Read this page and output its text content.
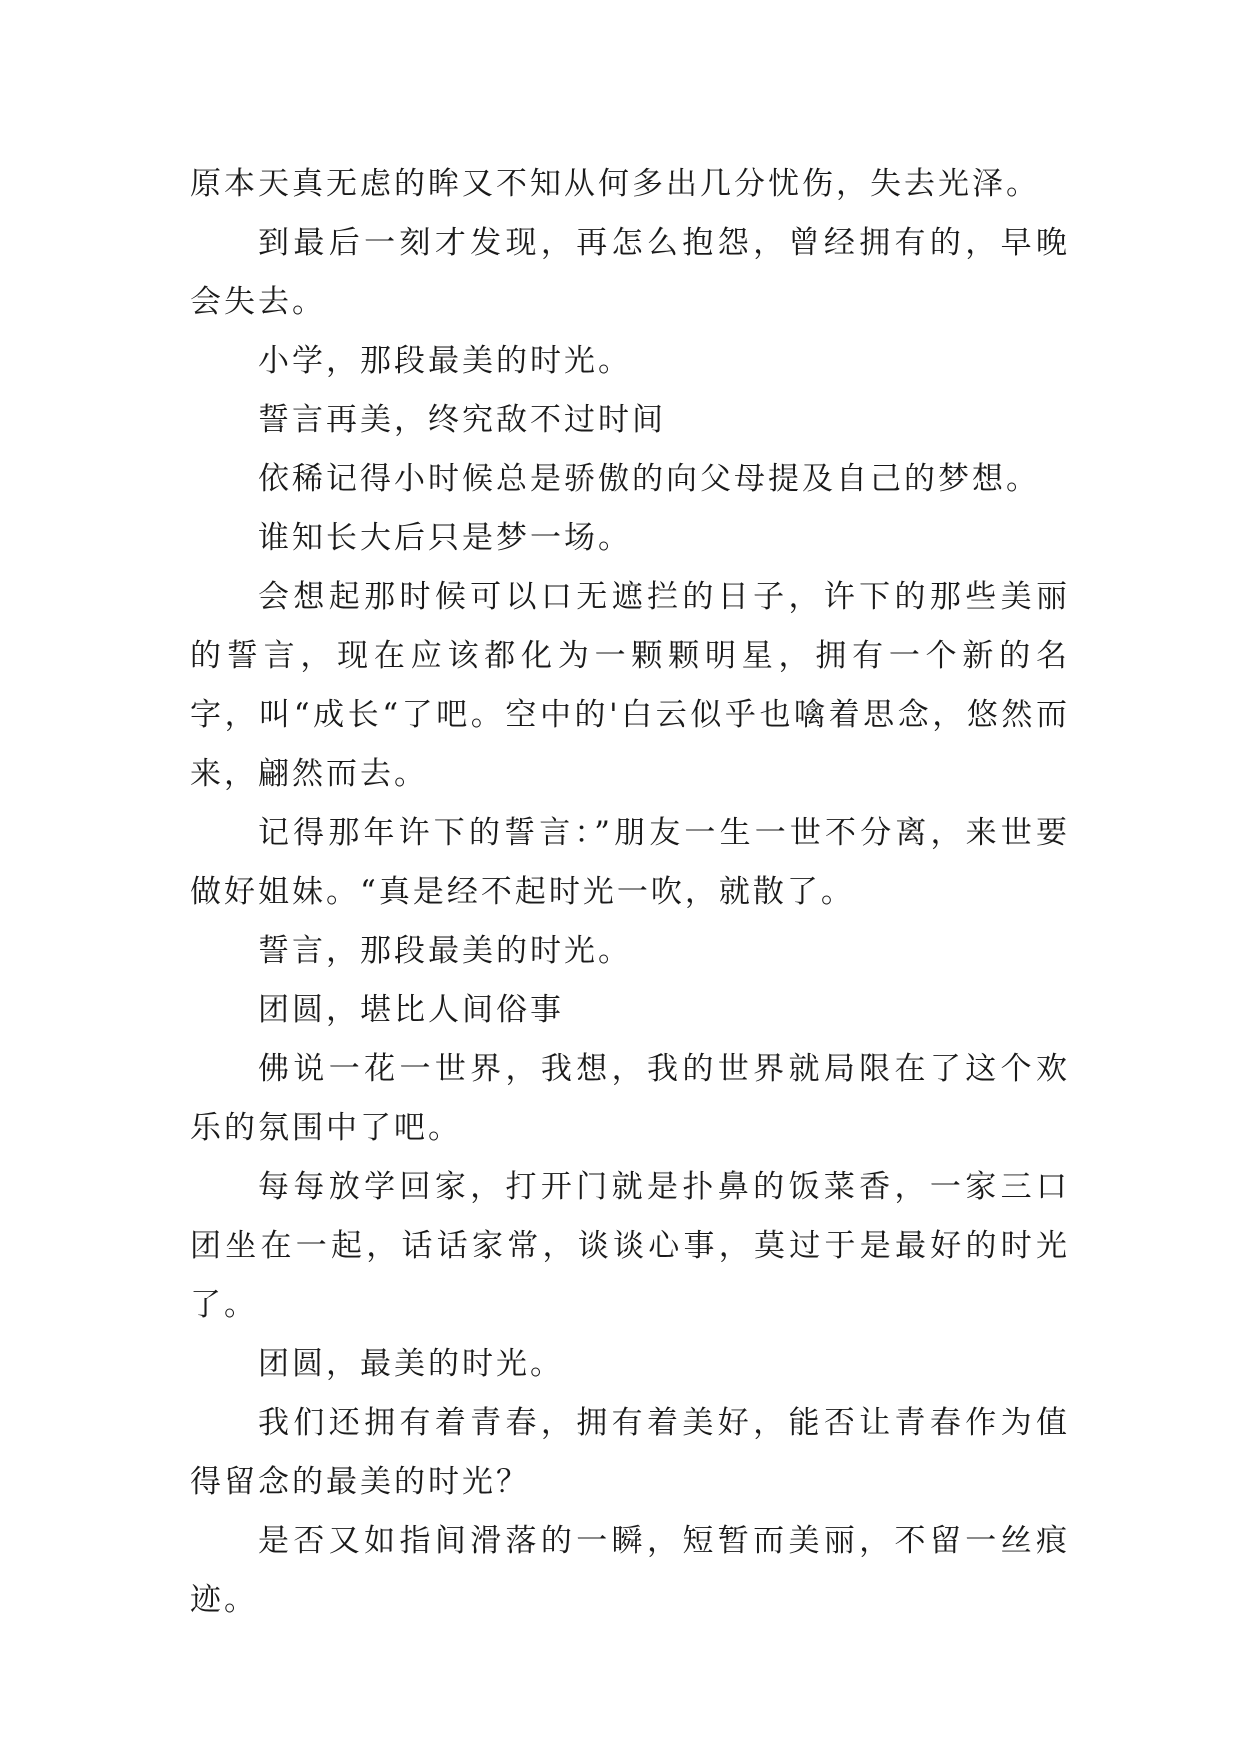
原本天真无虑的眸又不知从何多出几分忧伤，失去光泽。

到最后一刻才发现，再怎么抱怨，曾经拥有的，早晚会失去。

小学，那段最美的时光。

誓言再美，终究敌不过时间

依稀记得小时候总是骄傲的向父母提及自己的梦想。

谁知长大后只是梦一场。

会想起那时候可以口无遮拦的日子，许下的那些美丽的誓言，现在应该都化为一颗颗明星，拥有一个新的名字，叫“成长“了吧。空中的'白云似乎也噙着思念，悠然而来，翩然而去。

记得那年许下的誓言：”朋友一生一世不分离，来世要做好姐妹。“真是经不起时光一吹，就散了。

誓言，那段最美的时光。

团圆，堪比人间俗事

佛说一花一世界，我想，我的世界就局限在了这个欢乐的氛围中了吧。

每每放学回家，打开门就是扑鼻的饭菜香，一家三口团坐在一起，话话家常，谈谈心事，莫过于是最好的时光了。

团圆，最美的时光。

我们还拥有着青春，拥有着美好，能否让青春作为值得留念的最美的时光？

是否又如指间滑落的一瞬，短暂而美丽，不留一丝痕迹。
